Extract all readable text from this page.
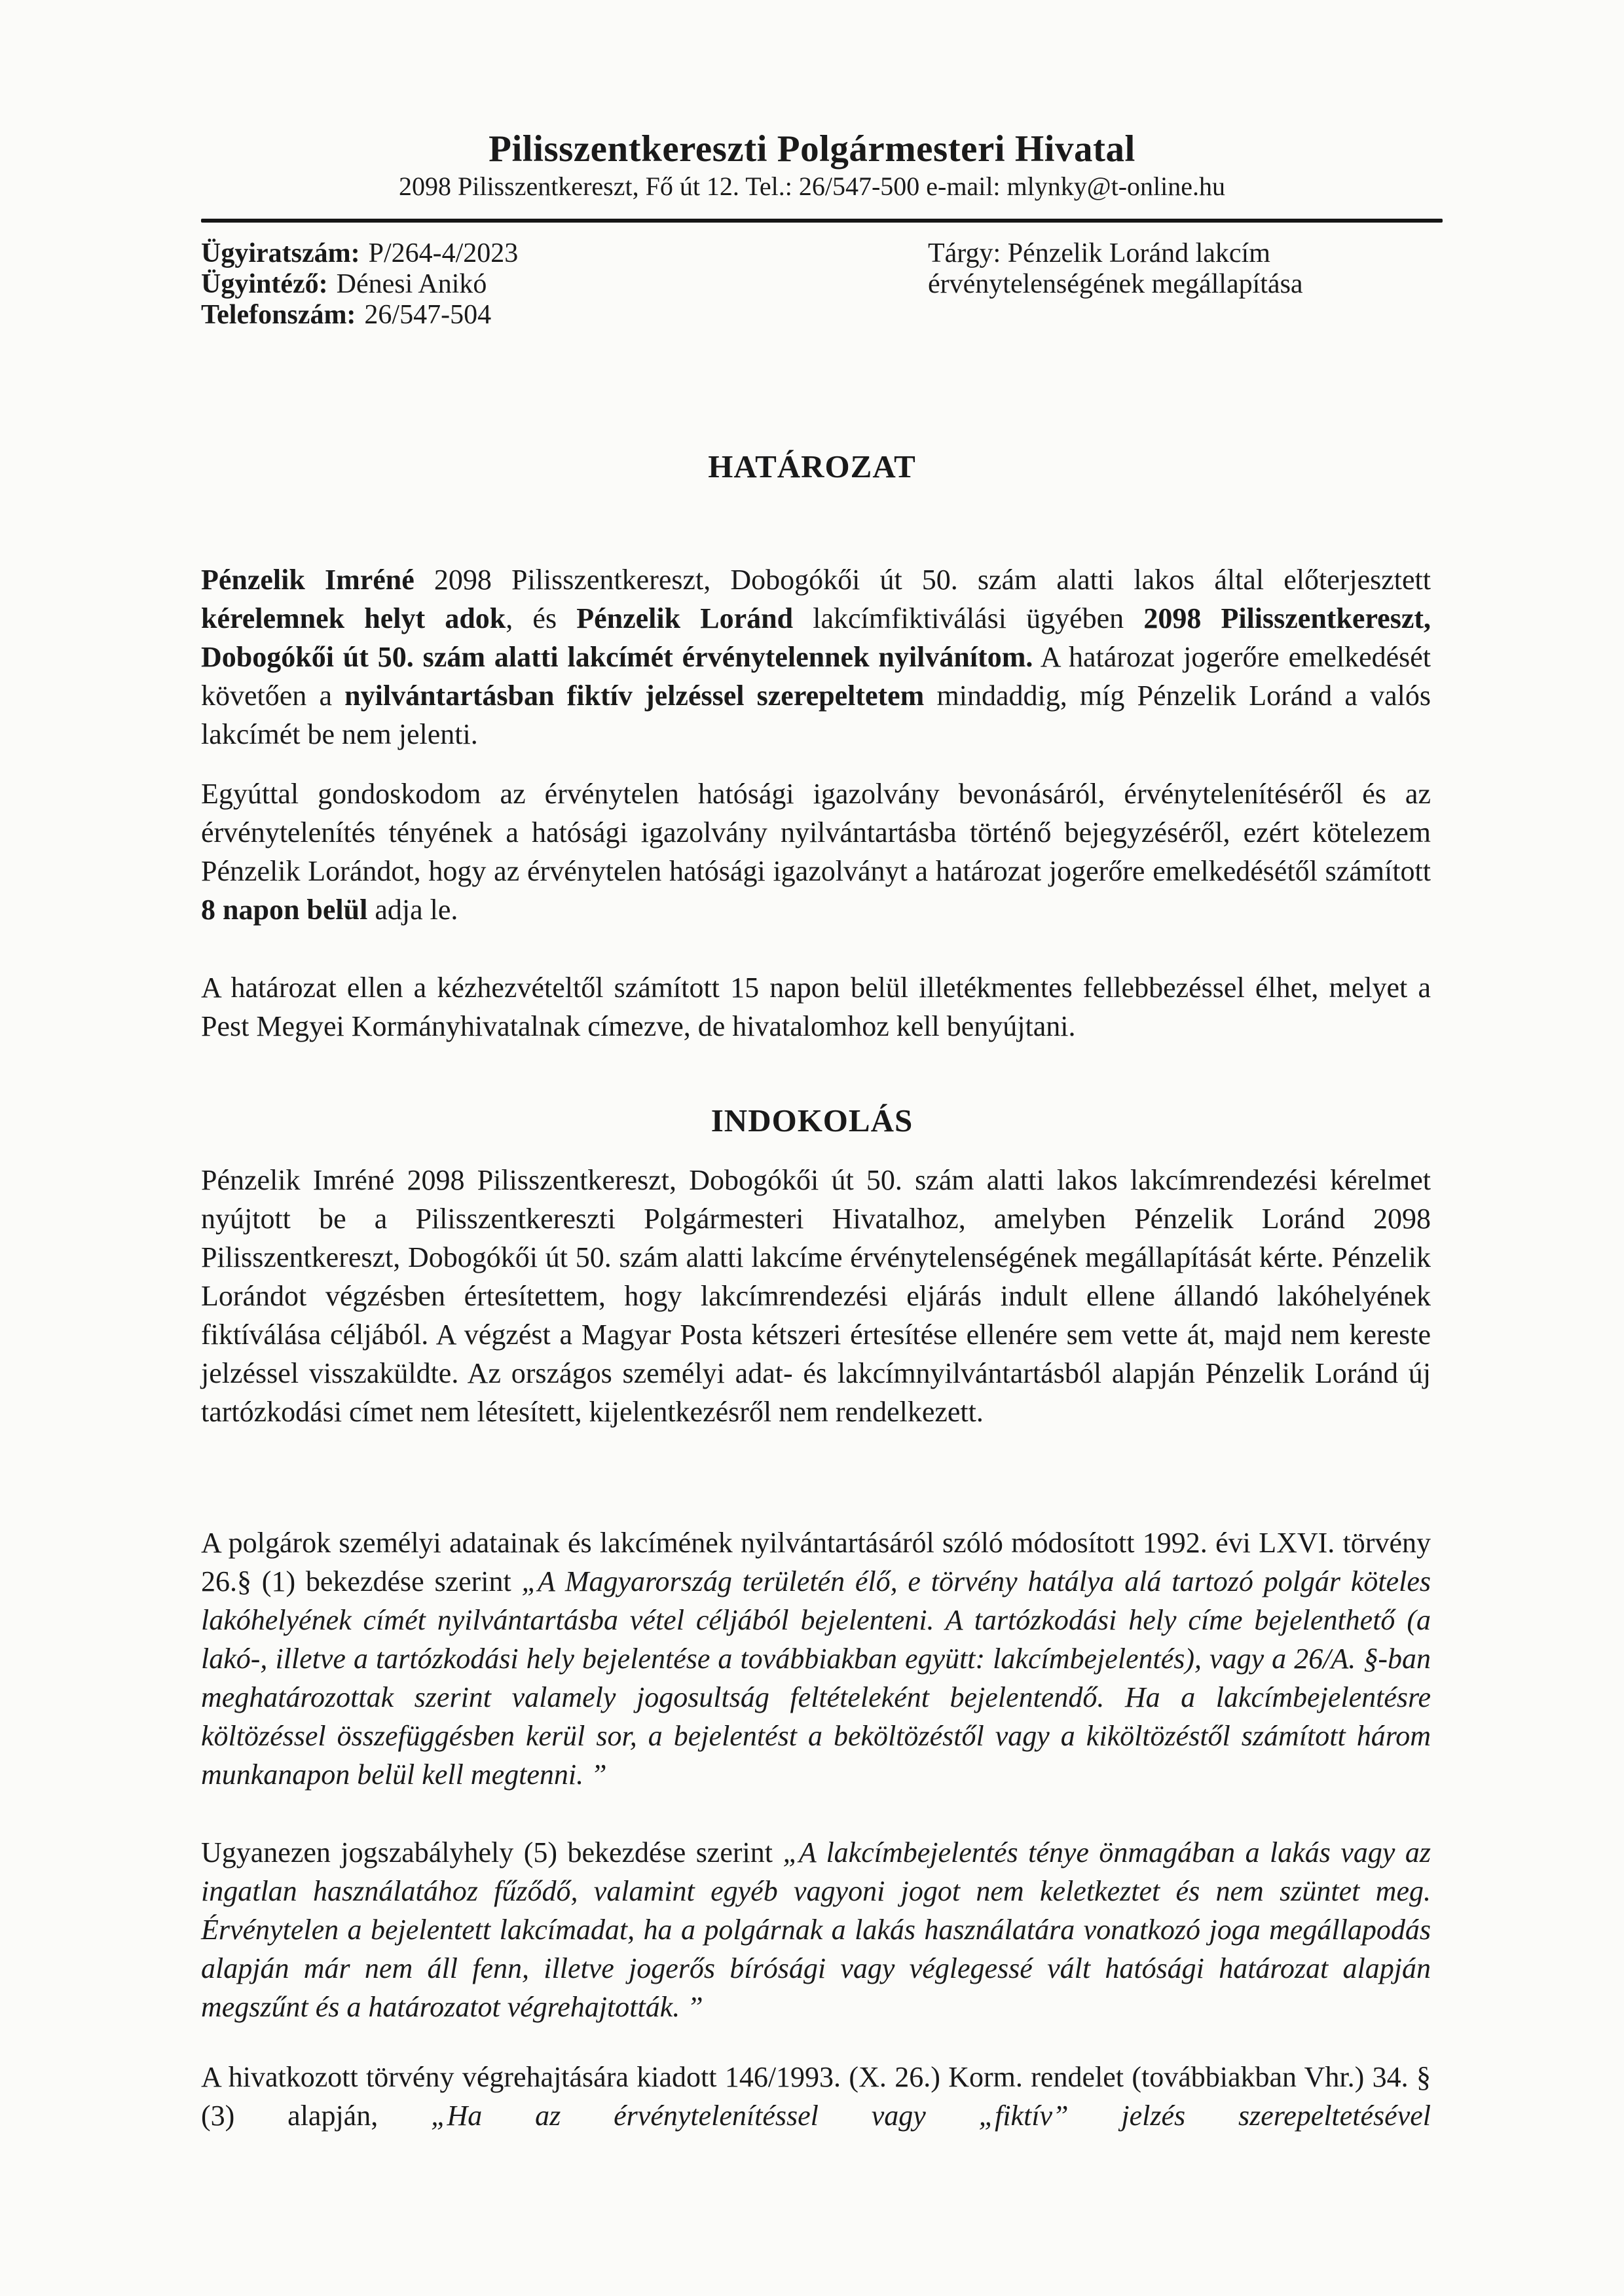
Pilisszentkereszti Polgármesteri Hivatal
2098 Pilisszentkereszt, Fő út 12. Tel.: 26/547-500 e-mail: mlynky@t-online.hu
Ügyiratszám: P/264-4/2023
Ügyintéző: Dénesi Anikó
Telefonszám: 26/547-504
Tárgy: Pénzelik Loránd lakcím
érvénytelenségének megállapítása
HATÁROZAT

Pénzelik Imréné 2098 Pilisszentkereszt, Dobogókői út 50. szám alatti lakos által előterjesztett kérelemnek helyt adok, és Pénzelik Loránd lakcímfiktiválási ügyében 2098 Pilisszentkereszt, Dobogókői út 50. szám alatti lakcímét érvénytelennek nyilvánítom. A határozat jogerőre emelkedését követően a nyilvántartásban fiktív jelzéssel szerepeltetem mindaddig, míg Pénzelik Loránd a valós lakcímét be nem jelenti.

Egyúttal gondoskodom az érvénytelen hatósági igazolvány bevonásáról, érvénytelenítéséről és az érvénytelenítés tényének a hatósági igazolvány nyilvántartásba történő bejegyzéséről, ezért kötelezem Pénzelik Lorándot, hogy az érvénytelen hatósági igazolványt a határozat jogerőre emelkedésétől számított 8 napon belül adja le.

A határozat ellen a kézhezvételtől számított 15 napon belül illetékmentes fellebbezéssel élhet, melyet a Pest Megyei Kormányhivatalnak címezve, de hivatalomhoz kell benyújtani.

INDOKOLÁS

Pénzelik Imréné 2098 Pilisszentkereszt, Dobogókői út 50. szám alatti lakos lakcímrendezési kérelmet nyújtott be a Pilisszentkereszti Polgármesteri Hivatalhoz, amelyben Pénzelik Loránd 2098 Pilisszentkereszt, Dobogókői út 50. szám alatti lakcíme érvénytelenségének megállapítását kérte. Pénzelik Lorándot végzésben értesítettem, hogy lakcímrendezési eljárás indult ellene állandó lakóhelyének fiktíválása céljából. A végzést a Magyar Posta kétszeri értesítése ellenére sem vette át, majd nem kereste jelzéssel visszaküldte. Az országos személyi adat- és lakcímnyilvántartásból alapján Pénzelik Loránd új tartózkodási címet nem létesített, kijelentkezésről nem rendelkezett.

A polgárok személyi adatainak és lakcímének nyilvántartásáról szóló módosított 1992. évi LXVI. törvény 26.§ (1) bekezdése szerint „A Magyarország területén élő, e törvény hatálya alá tartozó polgár köteles lakóhelyének címét nyilvántartásba vétel céljából bejelenteni. A tartózkodási hely címe bejelenthető (a lakó-, illetve a tartózkodási hely bejelentése a továbbiakban együtt: lakcímbejelentés), vagy a 26/A. §-ban meghatározottak szerint valamely jogosultság feltételeként bejelentendő. Ha a lakcímbejelentésre költözéssel összefüggésben kerül sor, a bejelentést a beköltözéstől vagy a kiköltözéstől számított három munkanapon belül kell megtenni. ”

Ugyanezen jogszabályhely (5) bekezdése szerint „A lakcímbejelentés ténye önmagában a lakás vagy az ingatlan használatához fűződő, valamint egyéb vagyoni jogot nem keletkeztet és nem szüntet meg. Érvénytelen a bejelentett lakcímadat, ha a polgárnak a lakás használatára vonatkozó joga megállapodás alapján már nem áll fenn, illetve jogerős bírósági vagy véglegessé vált hatósági határozat alapján megszűnt és a határozatot végrehajtották. ”

A hivatkozott törvény végrehajtására kiadott 146/1993. (X. 26.) Korm. rendelet (továbbiakban Vhr.) 34. § (3) alapján, „Ha az érvénytelenítéssel vagy „fiktív” jelzés szerepeltetésével
